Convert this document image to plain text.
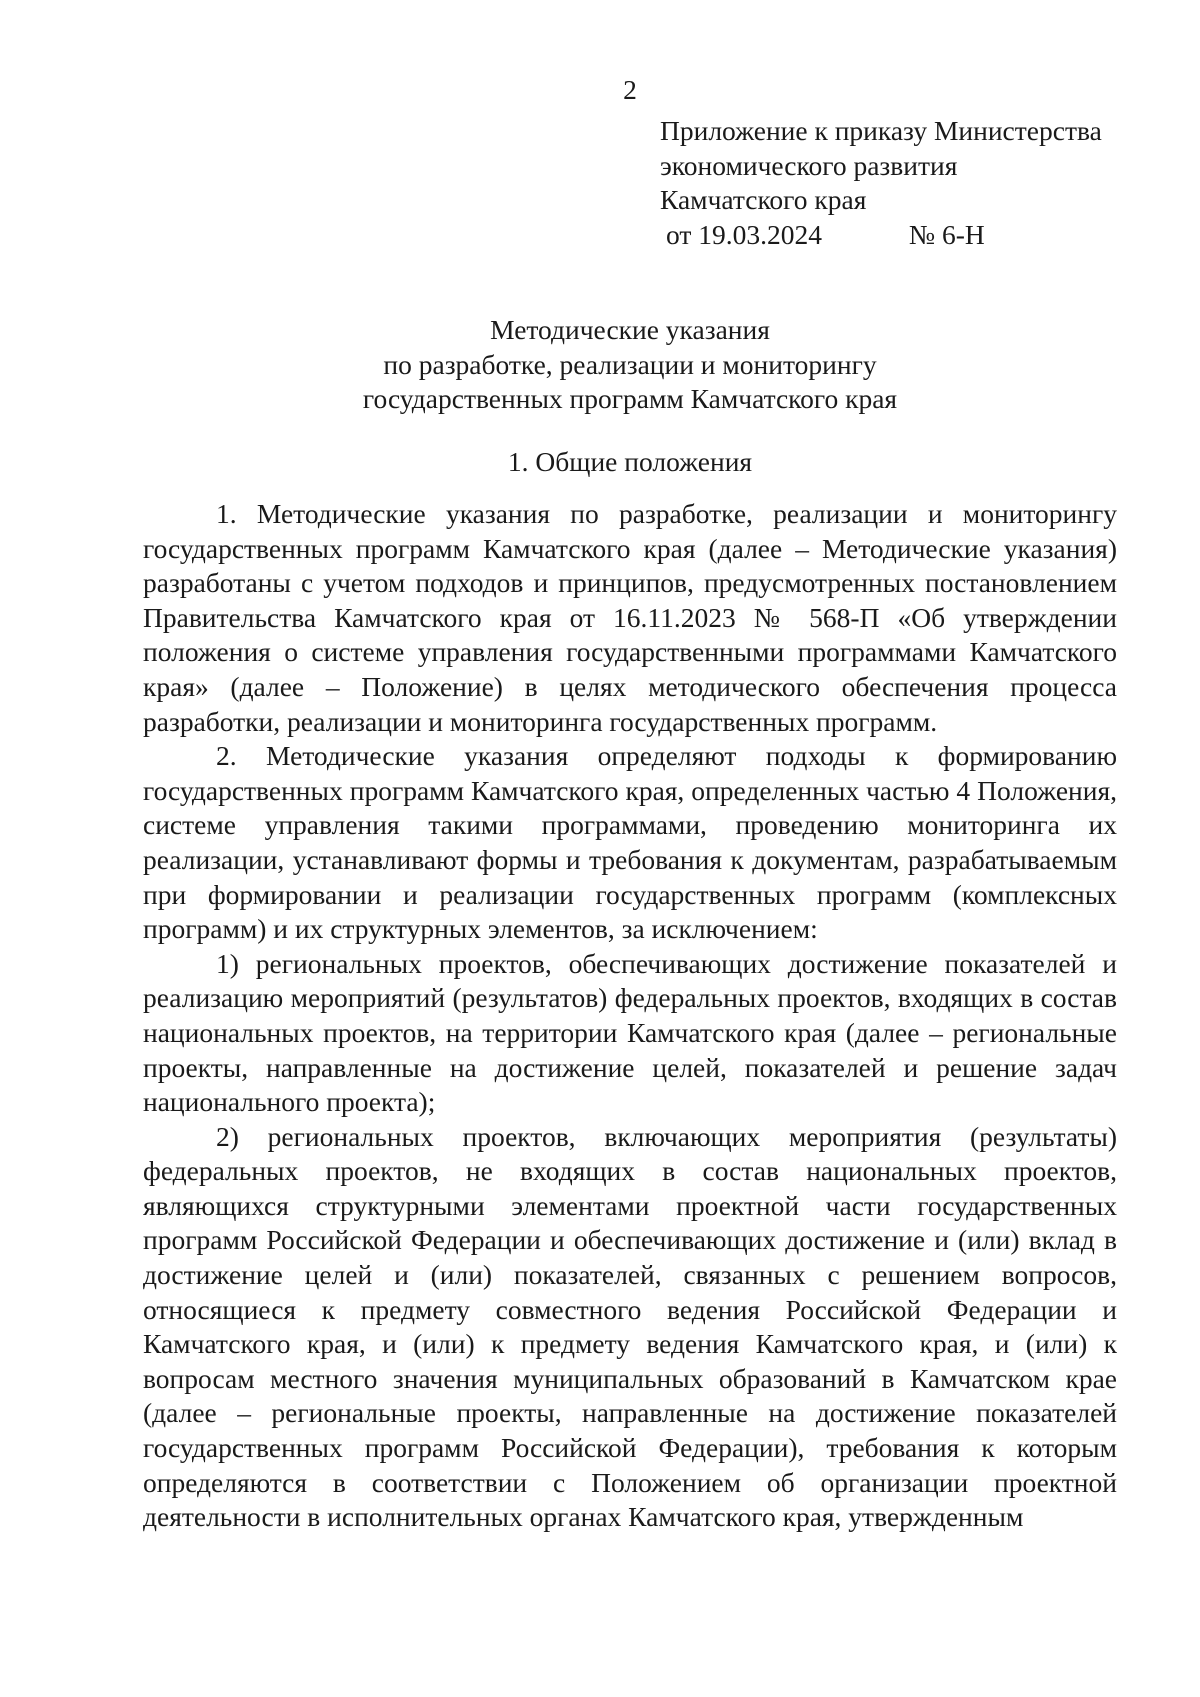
2
Приложение к приказу Министерства
экономического развития
Камчатского края
от 19.03.2024	№ 6-Н
Методические указания
по разработке, реализации и мониторингу
государственных программ Камчатского края
1. Общие положения

1. Методические указания по разработке, реализации и мониторингу государственных программ Камчатского края (далее – Методические указания) разработаны с учетом подходов и принципов, предусмотренных постановлением Правительства Камчатского края от 16.11.2023 № 568-П «Об утверждении положения о системе управления государственными программами Камчатского края» (далее – Положение) в целях методического обеспечения процесса разработки, реализации и мониторинга государственных программ.

2. Методические указания определяют подходы к формированию государственных программ Камчатского края, определенных частью 4 Положения, системе управления такими программами, проведению мониторинга их реализации, устанавливают формы и требования к документам, разрабатываемым при формировании и реализации государственных программ (комплексных программ) и их структурных элементов, за исключением:

1) региональных проектов, обеспечивающих достижение показателей и реализацию мероприятий (результатов) федеральных проектов, входящих в состав национальных проектов, на территории Камчатского края (далее – региональные проекты, направленные на достижение целей, показателей и решение задач национального проекта);

2) региональных проектов, включающих мероприятия (результаты) федеральных проектов, не входящих в состав национальных проектов, являющихся структурными элементами проектной части государственных программ Российской Федерации и обеспечивающих достижение и (или) вклад в достижение целей и (или) показателей, связанных с решением вопросов, относящиеся к предмету совместного ведения Российской Федерации и Камчатского края, и (или) к предмету ведения Камчатского края, и (или) к вопросам местного значения муниципальных образований в Камчатском крае (далее – региональные проекты, направленные на достижение показателей государственных программ Российской Федерации), требования к которым определяются в соответствии с Положением об организации проектной деятельности в исполнительных органах Камчатского края, утвержденным
